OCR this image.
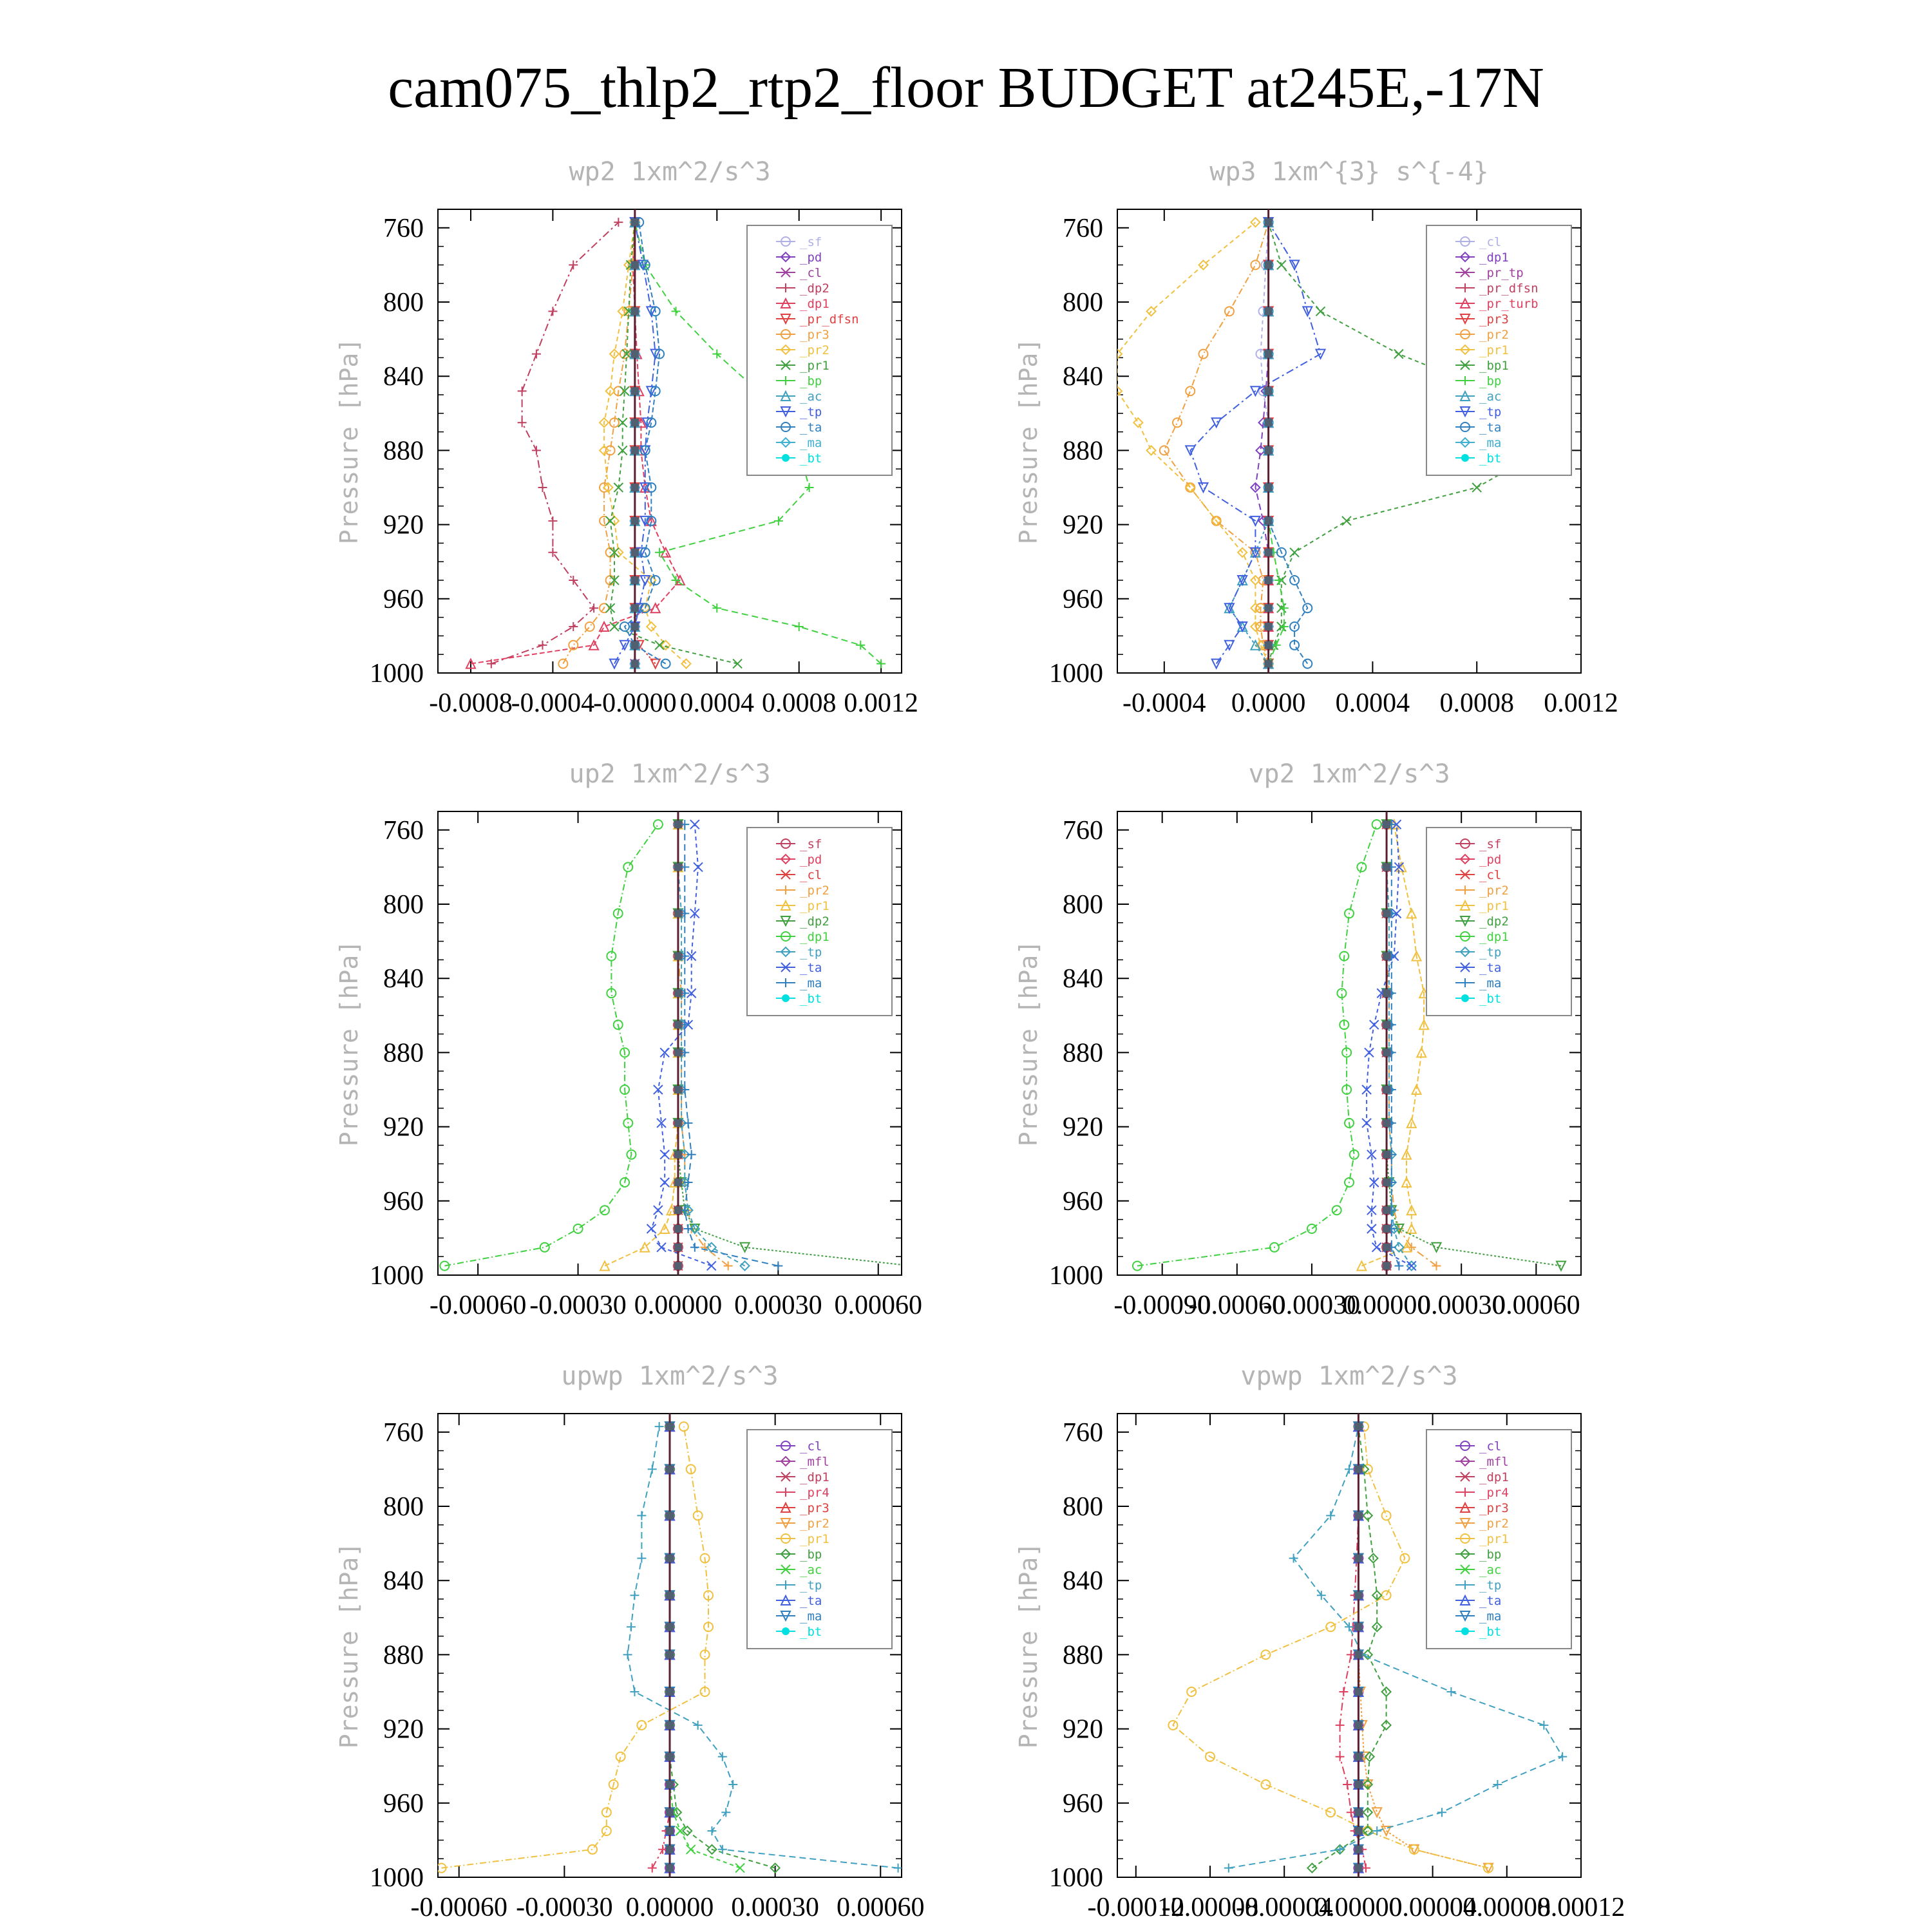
cam075_thlp2_rtp2_floor BUDGET at245E,-17N
wp2 1xm^2/s^3
Pressure [hPa]
760
800
840
880
920
960
1000
-0.0008
-0.0004
-0.0000 0.0004 0.0008 0.0012
_sf
_pd
_cl
_dp2
_dp1
_pr_dfsn
_pr3
_pr2
_pr1
_bp
_ac
_tp
_ta
_ma
_bt
wp3 1xm^{3} s^{-4}
Pressure [hPa]
760
800
840
880
920
960
1000
-0.0004 0.0000 0.0004 0.0008 0.0012
_cl
_dp1
_pr_tp
_pr_dfsn
_pr_turb
_pr3
_pr2
_pr1
_bp1
_bp
_ac
_tp
_ta
_ma
_bt
up2 1xm^2/s^3
Pressure [hPa]
760
800
840
880
920
960
1000
-0.00060 -0.00030 0.00000 0.00030 0.00060
_sf
_pd
_cl
_pr2
_pr1
_dp2
_dp1
_tp
_ta
_ma
_bt
vp2 1xm^2/s^3
Pressure [hPa]
760
800
840
880
920
960
1000
-0.00090
-0.00060
-0.00030
0.00000
0.00030
0.00060
_sf
_pd
_cl
_pr2
_pr1
_dp2
_dp1
_tp
_ta
_ma
_bt
upwp 1xm^2/s^3
Pressure [hPa]
760
800
840
880
920
960
1000
-0.00060 -0.00030 0.00000 0.00030 0.00060
_cl
_mfl
_dp1
_pr4
_pr3
_pr2
_pr1
_bp
_ac
_tp
_ta
_ma
_bt
vpwp 1xm^2/s^3
Pressure [hPa]
760
800
840
880
920
960
1000
-0.00012
-0.00008
-0.00004
0.00000
0.00004
0.00008
0.00012
_cl
_mfl
_dp1
_pr4
_pr3
_pr2
_pr1
_bp
_ac
_tp
_ta
_ma
_bt
